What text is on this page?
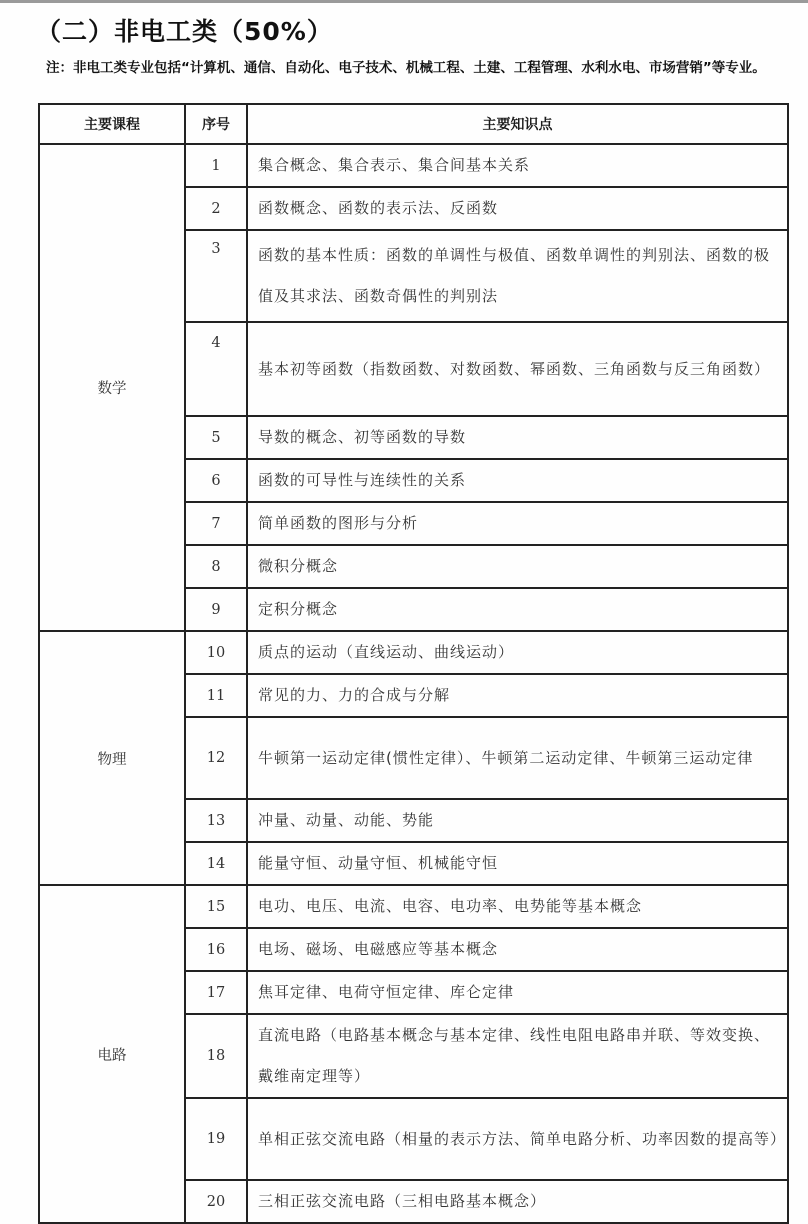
（二）非电工类（50%）
注：非电工类专业包括“计算机、通信、自动化、电子技术、机械工程、土建、工程管理、水利水电、市场营销”等专业。
主要课程	序号	主要知识点
数学	1	集合概念、集合表示、集合间基本关系
	2	函数概念、函数的表示法、反函数
	3	函数的基本性质：函数的单调性与极值、函数单调性的判别法、函数的极值及其求法、函数奇偶性的判别法
	4	基本初等函数（指数函数、对数函数、幂函数、三角函数与反三角函数）
	5	导数的概念、初等函数的导数
	6	函数的可导性与连续性的关系
	7	简单函数的图形与分析
	8	微积分概念
	9	定积分概念
物理	10	质点的运动（直线运动、曲线运动）
	11	常见的力、力的合成与分解
	12	牛顿第一运动定律(惯性定律）、牛顿第二运动定律、牛顿第三运动定律
	13	冲量、动量、动能、势能
	14	能量守恒、动量守恒、机械能守恒
电路	15	电功、电压、电流、电容、电功率、电势能等基本概念
	16	电场、磁场、电磁感应等基本概念
	17	焦耳定律、电荷守恒定律、库仑定律
	18	直流电路（电路基本概念与基本定律、线性电阻电路串并联、等效变换、戴维南定理等）
	19	单相正弦交流电路（相量的表示方法、简单电路分析、功率因数的提高等）
	20	三相正弦交流电路（三相电路基本概念）
